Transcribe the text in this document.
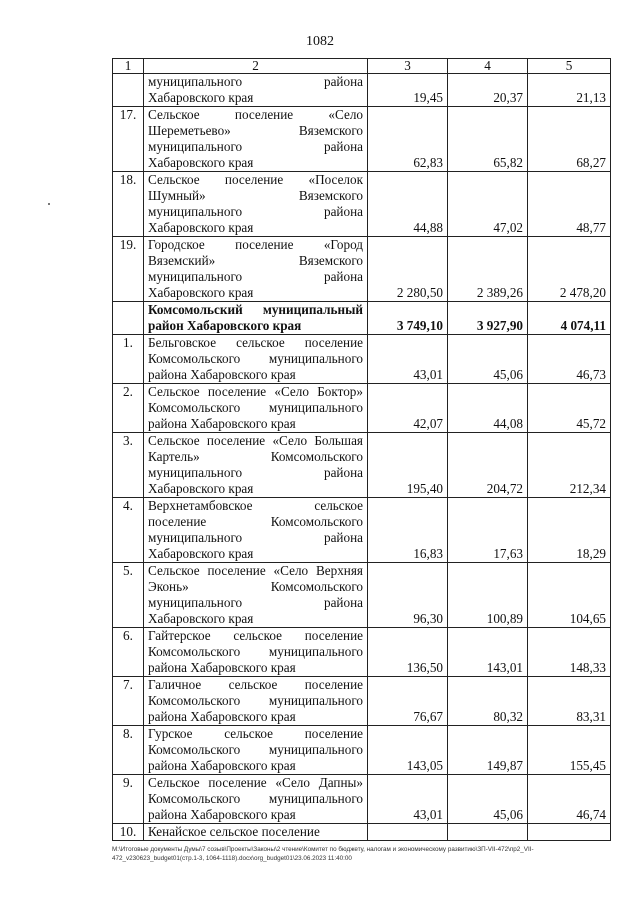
1082
1	2	3	4	5
	муниципального района Хабаровского края	19,45	20,37	21,13
17.	Сельское поселение «Село Шереметьево» Вяземского муниципального района Хабаровского края	62,83	65,82	68,27
18.	Сельское поселение «Поселок Шумный» Вяземского муниципального района Хабаровского края	44,88	47,02	48,77
19.	Городское поселение «Город Вяземский» Вяземского муниципального района Хабаровского края	2 280,50	2 389,26	2 478,20
	Комсомольский муниципальный район Хабаровского края	3 749,10	3 927,90	4 074,11
1.	Бельговское сельское поселение Комсомольского муниципального района Хабаровского края	43,01	45,06	46,73
2.	Сельское поселение «Село Боктор» Комсомольского муниципального района Хабаровского края	42,07	44,08	45,72
3.	Сельское поселение «Село Большая Картель» Комсомольского муниципального района Хабаровского края	195,40	204,72	212,34
4.	Верхнетамбовское сельское поселение Комсомольского муниципального района Хабаровского края	16,83	17,63	18,29
5.	Сельское поселение «Село Верхняя Эконь» Комсомольского муниципального района Хабаровского края	96,30	100,89	104,65
6.	Гайтерское сельское поселение Комсомольского муниципального района Хабаровского края	136,50	143,01	148,33
7.	Галичное сельское поселение Комсомольского муниципального района Хабаровского края	76,67	80,32	83,31
8.	Гурское сельское поселение Комсомольского муниципального района Хабаровского края	143,05	149,87	155,45
9.	Сельское поселение «Село Дапны» Комсомольского муниципального района Хабаровского края	43,01	45,06	46,74
10.	Кенайское сельское поселение			
M:\Итоговые документы Думы\7 созыв\Проекты\Законы\2 чтение\Комитет по бюджету, налогам и экономическому развитию\ЗП-VII-472\пр2_VII-472_v230623_budget01(стр.1-3, 1064-1118).docx\org_budget01\23.06.2023 11:40:00
